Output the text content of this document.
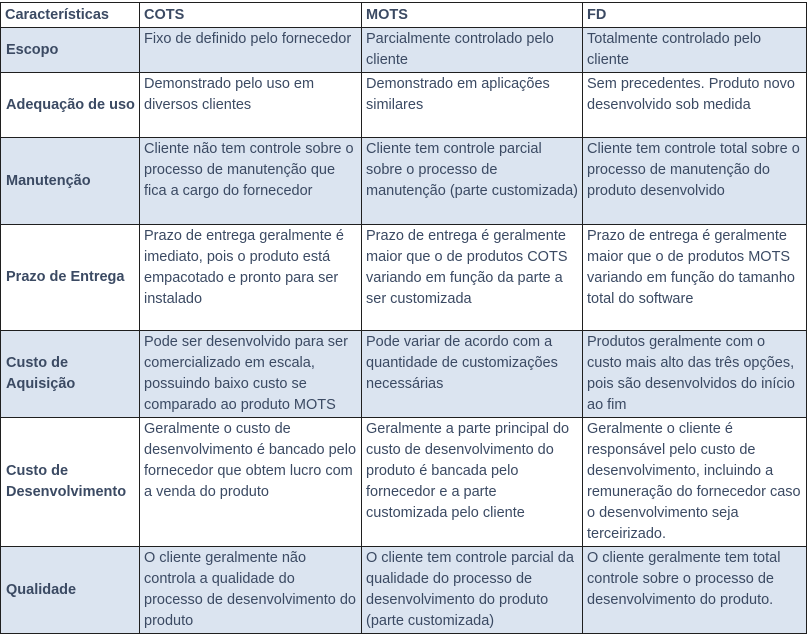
Características	COTS	MOTS	FD
Escopo	Fixo de definido pelo fornecedor	Parcialmente controlado pelo cliente	Totalmente controlado pelo cliente
Adequação de uso	Demonstrado pelo uso em diversos clientes	Demonstrado em aplicações similares	Sem precedentes. Produto novo desenvolvido sob medida
Manutenção	Cliente não tem controle sobre o processo de manutenção que fica a cargo do fornecedor	Cliente tem controle parcial sobre o processo de manutenção (parte customizada)	Cliente tem controle total sobre o processo de manutenção do produto desenvolvido
Prazo de Entrega	Prazo de entrega geralmente é imediato, pois o produto está empacotado e pronto para ser instalado	Prazo de entrega é geralmente maior que o de produtos COTS variando em função da parte a ser customizada	Prazo de entrega é geralmente maior que o de produtos MOTS variando em função do tamanho total do software
Custo de Aquisição	Pode ser desenvolvido para ser comercializado em escala, possuindo baixo custo se comparado ao produto MOTS	Pode variar de acordo com a quantidade de customizações necessárias	Produtos geralmente com o custo mais alto das três opções, pois são desenvolvidos do início ao fim
Custo de Desenvolvimento	Geralmente o custo de desenvolvimento é bancado pelo fornecedor que obtem lucro com a venda do produto	Geralmente a parte principal do custo de desenvolvimento do produto é bancada pelo fornecedor e a parte customizada pelo cliente	Geralmente o cliente é responsável pelo custo de desenvolvimento, incluindo a remuneração do fornecedor caso o desenvolvimento seja terceirizado.
Qualidade	O cliente geralmente não controla a qualidade do processo de desenvolvimento do produto	O cliente tem controle parcial da qualidade do processo de desenvolvimento do produto (parte customizada)	O cliente geralmente tem total controle sobre o processo de desenvolvimento do produto.
